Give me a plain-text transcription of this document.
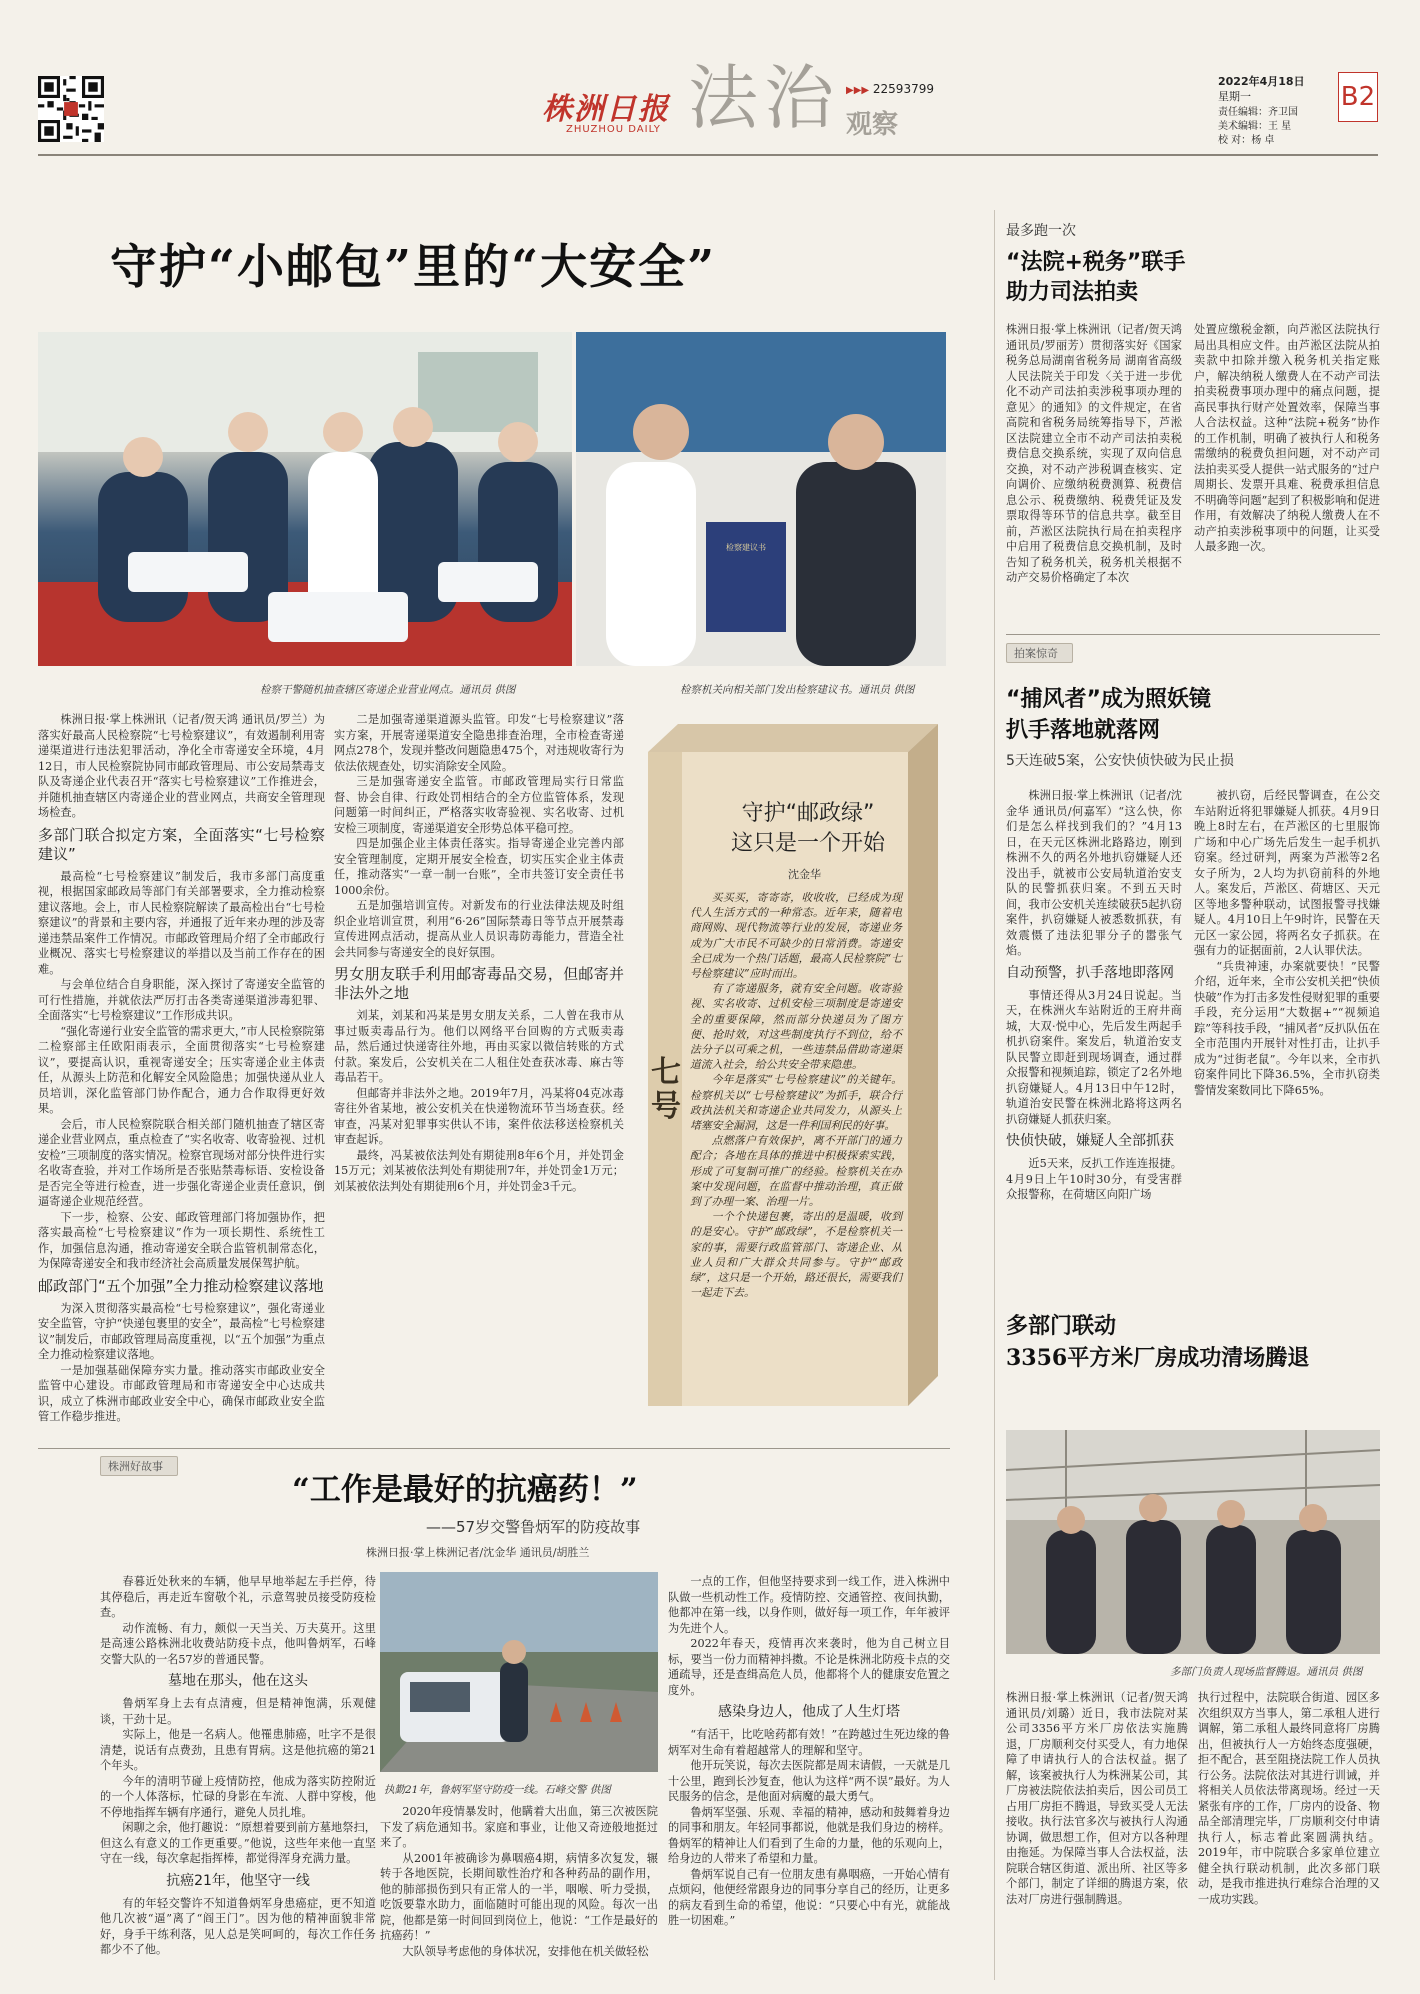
株洲日报
ZHUZHOU DAILY 法治 观察
▶▶▶ 22593799
2022年4月18日
星期一
责任编辑：齐卫国
美术编辑：王 星
校 对：杨 卓
B2
守护“小邮包”里的“大安全”
检察干警随机抽查辖区寄递企业营业网点。通讯员 供图
检察建议书
检察机关向相关部门发出检察建议书。通讯员 供图

株洲日报·掌上株洲讯（记者/贺天鸿 通讯员/罗兰）为落实好最高人民检察院“七号检察建议”，有效遏制利用寄递渠道进行违法犯罪活动，净化全市寄递安全环境，4月12日，市人民检察院协同市邮政管理局、市公安局禁毒支队及寄递企业代表召开“落实七号检察建议”工作推进会，并随机抽查辖区内寄递企业的营业网点，共商安全管理现场检查。

多部门联合拟定方案，全面落实“七号检察建议”

最高检“七号检察建议”制发后，我市多部门高度重视，根据国家邮政局等部门有关部署要求，全力推动检察建议落地。会上，市人民检察院解读了最高检出台“七号检察建议”的背景和主要内容，并通报了近年来办理的涉及寄递违禁品案件工作情况。市邮政管理局介绍了全市邮政行业概况、落实七号检察建议的举措以及当前工作存在的困难。

与会单位结合自身职能，深入探讨了寄递安全监管的可行性措施，并就依法严厉打击各类寄递渠道涉毒犯罪、全面落实“七号检察建议”工作形成共识。

“强化寄递行业安全监管的需求更大，”市人民检察院第二检察部主任欧阳雨表示，全面贯彻落实“七号检察建议”，要提高认识，重视寄递安全；压实寄递企业主体责任，从源头上防范和化解安全风险隐患；加强快递从业人员培训，深化监管部门协作配合，通力合作取得更好效果。

会后，市人民检察院联合相关部门随机抽查了辖区寄递企业营业网点，重点检查了“实名收寄、收寄验视、过机安检”三项制度的落实情况。检察官现场对部分快件进行实名收寄查验，并对工作场所是否张贴禁毒标语、安检设备是否完全等进行检查，进一步强化寄递企业责任意识，倒逼寄递企业规范经营。

下一步，检察、公安、邮政管理部门将加强协作，把落实最高检“七号检察建议”作为一项长期性、系统性工作，加强信息沟通，推动寄递安全联合监管机制常态化，为保障寄递安全和我市经济社会高质量发展保驾护航。

邮政部门“五个加强”全力推动检察建议落地

为深入贯彻落实最高检“七号检察建议”，强化寄递业安全监管，守护“快递包裹里的安全”，最高检“七号检察建议”制发后，市邮政管理局高度重视，以“五个加强”为重点全力推动检察建议落地。

一是加强基础保障夯实力量。推动落实市邮政业安全监管中心建设。市邮政管理局和市寄递安全中心达成共识，成立了株洲市邮政业安全中心，确保市邮政业安全监管工作稳步推进。

二是加强寄递渠道源头监管。印发“七号检察建议”落实方案，开展寄递渠道安全隐患排查治理，全市检查寄递网点278个，发现并整改问题隐患475个，对违规收寄行为依法依规查处，切实消除安全风险。

三是加强寄递安全监管。市邮政管理局实行日常监督、协会自律、行政处罚相结合的全方位监管体系，发现问题第一时间纠正，严格落实收寄验视、实名收寄、过机安检三项制度，寄递渠道安全形势总体平稳可控。

四是加强企业主体责任落实。指导寄递企业完善内部安全管理制度，定期开展安全检查，切实压实企业主体责任，推动落实“一章一制一台账”，全市共签订安全责任书1000余份。

五是加强培训宣传。对新发布的行业法律法规及时组织企业培训宣贯，利用“6·26”国际禁毒日等节点开展禁毒宣传进网点活动，提高从业人员识毒防毒能力，营造全社会共同参与寄递安全的良好氛围。

男女朋友联手利用邮寄毒品交易，但邮寄并非法外之地

刘某，刘某和冯某是男女朋友关系，二人曾在我市从事过贩卖毒品行为。他们以网络平台回购的方式贩卖毒品，然后通过快递寄往外地，再由买家以微信转账的方式付款。案发后，公安机关在二人租住处查获冰毒、麻古等毒品若干。

但邮寄并非法外之地。2019年7月，冯某将04克冰毒寄往外省某地，被公安机关在快递物流环节当场查获。经审查，冯某对犯罪事实供认不讳，案件依法移送检察机关审查起诉。

最终，冯某被依法判处有期徒刑8年6个月，并处罚金15万元；刘某被依法判处有期徒刑7年，并处罚金1万元；刘某被依法判处有期徒刑6个月，并处罚金3千元。

七号
守护“邮政绿”
这只是一个开始
沈金华

买买买，寄寄寄，收收收，已经成为现代人生活方式的一种常态。近年来，随着电商网购、现代物流等行业的发展，寄递业务成为广大市民不可缺少的日常消费。寄递安全已成为一个热门话题，最高人民检察院“七号检察建议”应时而出。

有了寄递服务，就有安全问题。收寄验视、实名收寄、过机安检三项制度是寄递安全的重要保障，然而部分快递员为了图方便、抢时效，对这些制度执行不到位，给不法分子以可乘之机，一些违禁品借助寄递渠道流入社会，给公共安全带来隐患。

今年是落实“七号检察建议”的关键年。检察机关以“七号检察建议”为抓手，联合行政执法机关和寄递企业共同发力，从源头上堵塞安全漏洞，这是一件利国利民的好事。

点燃落户有效保护，离不开部门的通力配合；各地在具体的推进中积极探索实践，形成了可复制可推广的经验。检察机关在办案中发现问题，在监督中推动治理，真正做到了办理一案、治理一片。

一个个快递包裹，寄出的是温暖，收到的是安心。守护“邮政绿”，不是检察机关一家的事，需要行政监管部门、寄递企业、从业人员和广大群众共同参与。守护“邮政绿”，这只是一个开始，路还很长，需要我们一起走下去。

最多跑一次
“法院+税务”联手
助力司法拍卖
株洲日报·掌上株洲讯（记者/贺天鸿 通讯员/罗丽芳）贯彻落实好《国家税务总局湖南省税务局 湖南省高级人民法院关于印发〈关于进一步优化不动产司法拍卖涉税事项办理的意见〉的通知》的文件规定，在省高院和省税务局统筹指导下，芦淞区法院建立全市不动产司法拍卖税费信息交换系统，实现了双向信息交换，对不动产涉税调查核实、定向调价、应缴纳税费测算、税费信息公示、税费缴纳、税费凭证及发票取得等环节的信息共享。截至目前，芦淞区法院执行局在拍卖程序中启用了税费信息交换机制，及时告知了税务机关，税务机关根据不动产交易价格确定了本次
处置应缴税金额，向芦淞区法院执行局出具相应文件。由芦淞区法院从拍卖款中扣除并缴入税务机关指定账户，解决纳税人缴费人在不动产司法拍卖税费事项办理中的痛点问题，提高民事执行财产处置效率，保障当事人合法权益。这种“法院+税务”协作的工作机制，明确了被执行人和税务需缴纳的税费负担问题，对不动产司法拍卖买受人提供一站式服务的“过户周期长、发票开具难、税费承担信息不明确等问题”起到了积极影响和促进作用，有效解决了纳税人缴费人在不动产拍卖涉税事项中的问题，让买受人最多跑一次。
拍案惊奇
“捕风者”成为照妖镜
扒手落地就落网
5天连破5案，公安快侦快破为民止损

株洲日报·掌上株洲讯（记者/沈金华 通讯员/何嘉军）“这么快，你们是怎么样找到我们的？”4月13日，在天元区株洲北路路边，刚到株洲不久的两名外地扒窃嫌疑人还没出手，就被市公安局轨道治安支队的民警抓获归案。不到五天时间，我市公安机关连续破获5起扒窃案件，扒窃嫌疑人被悉数抓获，有效震慑了违法犯罪分子的嚣张气焰。

自动预警，扒手落地即落网

事情还得从3月24日说起。当天，在株洲火车站附近的王府井商城，大双·悦中心，先后发生两起手机扒窃案件。案发后，轨道治安支队民警立即赶到现场调查，通过群众报警和视频追踪，锁定了2名外地扒窃嫌疑人。4月13日中午12时，轨道治安民警在株洲北路将这两名扒窃嫌疑人抓获归案。

快侦快破，嫌疑人全部抓获

近5天来，反扒工作连连报捷。4月9日上午10时30分，有受害群众报警称，在荷塘区向阳广场

被扒窃，后经民警调查，在公交车站附近将犯罪嫌疑人抓获。4月9日晚上8时左右，在芦淞区的七里服饰广场和中心广场先后发生一起手机扒窃案。经过研判，两案为芦淞等2名女子所为，2人均为扒窃前科的外地人。案发后，芦淞区、荷塘区、天元区等地多警种联动，试图报警寻找嫌疑人。4月10日上午9时许，民警在天元区一家公园，将两名女子抓获。在强有力的证据面前，2人认罪伏法。

“兵贵神速，办案就要快！”民警介绍，近年来，全市公安机关把“快侦快破”作为打击多发性侵财犯罪的重要手段，充分运用“大数据+”“视频追踪”等科技手段，“捕风者”反扒队伍在全市范围内开展针对性打击，让扒手成为“过街老鼠”。今年以来，全市扒窃案件同比下降36.5%，全市扒窃类警情发案数同比下降65%。

多部门联动
3356平方米厂房成功清场腾退
多部门负责人现场监督腾退。通讯员 供图
株洲日报·掌上株洲讯（记者/贺天鸿 通讯员/刘璐）近日，我市法院对某公司3356平方米厂房依法实施腾退，厂房顺利交付买受人，有力地保障了申请执行人的合法权益。据了解，该案被执行人为株洲某公司，其厂房被法院依法拍卖后，因公司员工占用厂房拒不腾退，导致买受人无法接收。执行法官多次与被执行人沟通协调，做思想工作，但对方以各种理由拖延。为保障当事人合法权益，法院联合辖区街道、派出所、社区等多个部门，制定了详细的腾退方案，依法对厂房进行强制腾退。
执行过程中，法院联合街道、园区多次组织双方当事人，第二承租人进行调解，第二承租人最终同意将厂房腾出，但被执行人一方始终态度强硬，拒不配合，甚至阻挠法院工作人员执行公务。法院依法对其进行训诫，并将相关人员依法带离现场。经过一天紧张有序的工作，厂房内的设备、物品全部清理完毕，厂房顺利交付申请执行人，标志着此案圆满执结。2019年，市中院联合多家单位建立健全执行联动机制，此次多部门联动，是我市推进执行难综合治理的又一成功实践。
株洲好故事
“工作是最好的抗癌药！”
——57岁交警鲁炳军的防疫故事
株洲日报·掌上株洲记者/沈金华 通讯员/胡胜兰

春暮近处秋来的车辆，他早早地举起左手拦停，待其停稳后，再走近车窗敬个礼，示意驾驶员接受防疫检查。

动作流畅、有力，颇似一天当关、万夫莫开。这里是高速公路株洲北收费站防疫卡点，他叫鲁炳军，石峰交警大队的一名57岁的普通民警。

墓地在那头，他在这头

鲁炳军身上去有点清瘦，但是精神饱满，乐观健谈，干劲十足。

实际上，他是一名病人。他罹患肺癌，吐字不是很清楚，说话有点费劲，且患有胃病。这是他抗癌的第21个年头。

今年的清明节碰上疫情防控，他成为落实防控附近的一个人体落标，忙碌的身影在车流、人群中穿梭，他不停地指挥车辆有序通行，避免人员扎堆。

闲聊之余，他打趣说：“原想着要到前方墓地祭扫，但这么有意义的工作更重要。”他说，这些年来他一直坚守在一线，每次拿起指挥棒，都觉得浑身充满力量。

抗癌21年，他坚守一线

有的年轻交警许不知道鲁炳军身患癌症，更不知道他几次被“逼”离了“阎王门”。因为他的精神面貌非常好，身手干练利落，见人总是笑呵呵的，每次工作任务都少不了他。

执勤21年，鲁炳军坚守防疫一线。石峰交警 供图

2020年疫情暴发时，他瞒着大出血，第三次被医院下发了病危通知书。家庭和事业，让他又奇迹般地挺过来了。

从2001年被确诊为鼻咽癌4期，病情多次复发，辗转于各地医院，长期间歇性治疗和各种药品的副作用，他的肺部损伤到只有正常人的一半，咽喉、听力受损，吃饭要靠水助力，面临随时可能出现的风险。每次一出院，他都是第一时间回到岗位上，他说：“工作是最好的抗癌药！”

大队领导考虑他的身体状况，安排他在机关做轻松

一点的工作，但他坚持要求到一线工作，进入株洲中队做一些机动性工作。疫情防控、交通管控、夜间执勤，他都冲在第一线，以身作则，做好每一项工作，年年被评为先进个人。

2022年春天，疫情再次来袭时，他为自己树立目标，要当一份力而精神抖擞。不论是株洲北防疫卡点的交通疏导，还是查缉高危人员，他都将个人的健康安危置之度外。

感染身边人，他成了人生灯塔

“有活干，比吃啥药都有效！”在跨越过生死边缘的鲁炳军对生命有着超越常人的理解和坚守。

他开玩笑说，每次去医院都是周末请假，一天就是几十公里，跑到长沙复查，他认为这样“两不误”最好。为人民服务的信念，是他面对病魔的最大勇气。

鲁炳军坚强、乐观、幸福的精神，感动和鼓舞着身边的同事和朋友。年轻同事都说，他就是我们身边的榜样。鲁炳军的精神让人们看到了生命的力量，他的乐观向上，给身边的人带来了希望和力量。

鲁炳军说自己有一位朋友患有鼻咽癌，一开始心情有点烦闷，他便经常跟身边的同事分享自己的经历，让更多的病友看到生命的希望，他说：“只要心中有光，就能战胜一切困难。”
